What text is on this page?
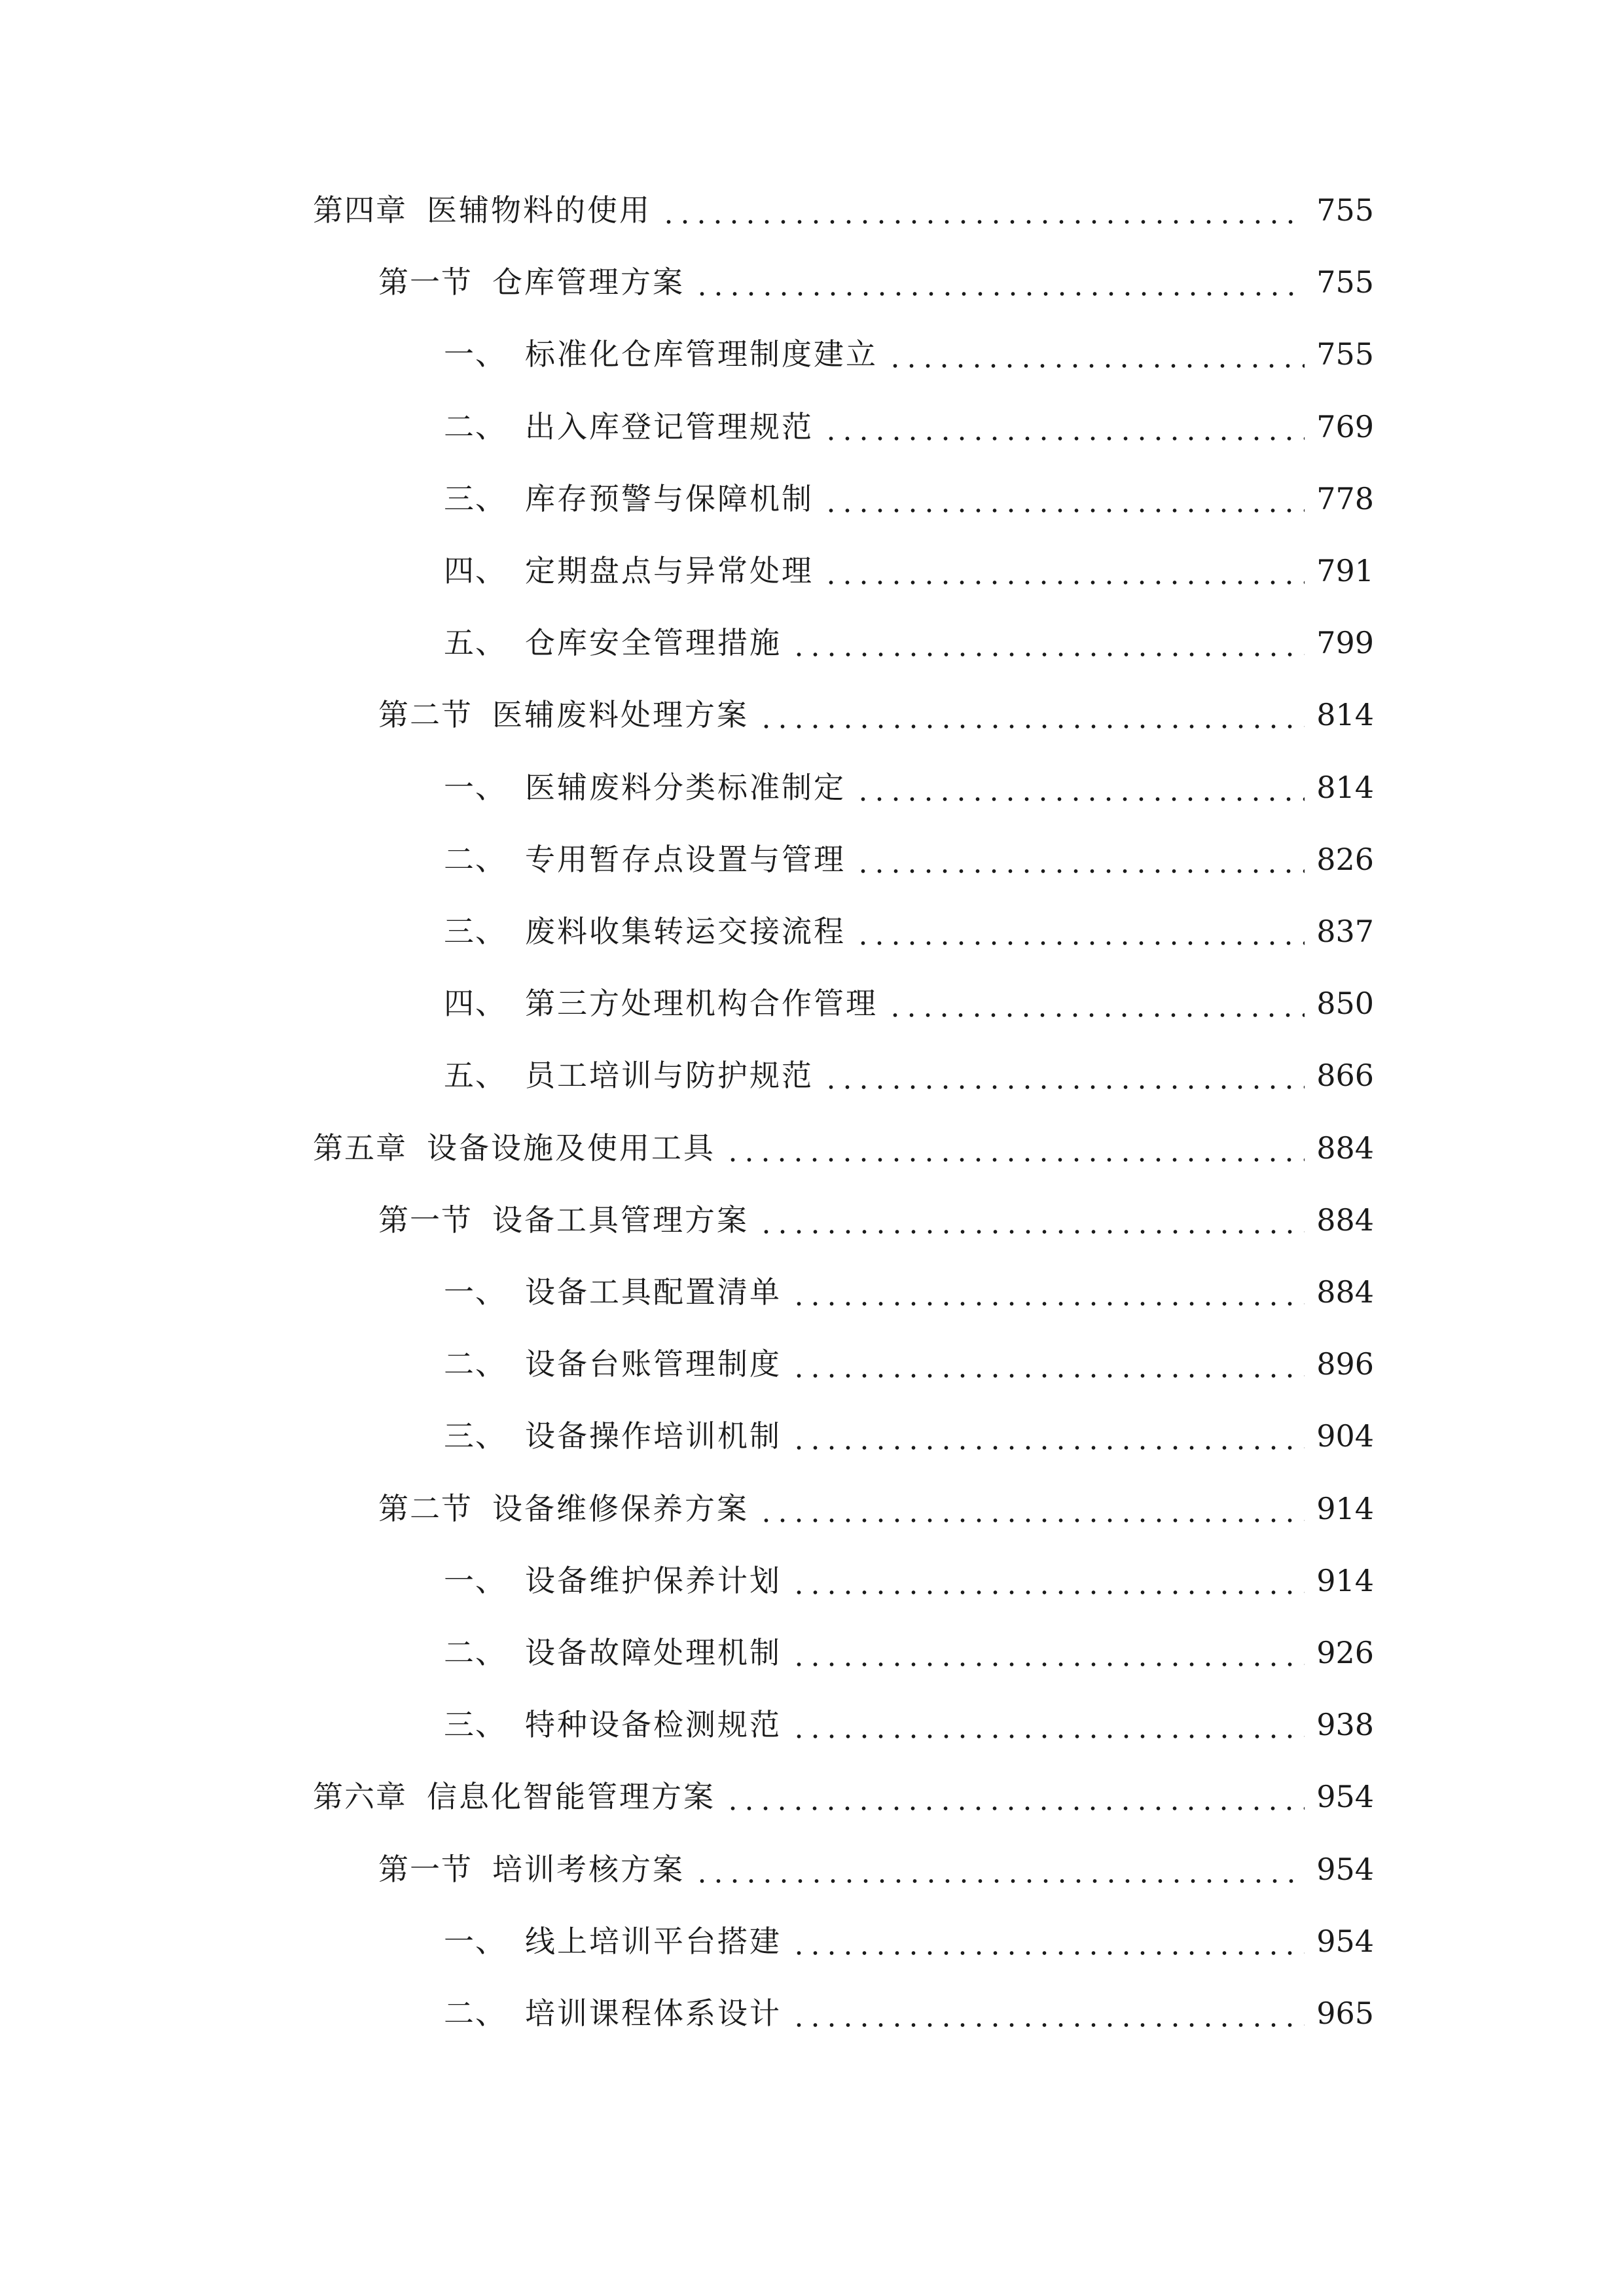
第四章 医辅物料的使用	755
第一节 仓库管理方案	755
一、 标准化仓库管理制度建立	755
二、 出入库登记管理规范	769
三、 库存预警与保障机制	778
四、 定期盘点与异常处理	791
五、 仓库安全管理措施	799
第二节 医辅废料处理方案	814
一、 医辅废料分类标准制定	814
二、 专用暂存点设置与管理	826
三、 废料收集转运交接流程	837
四、 第三方处理机构合作管理	850
五、 员工培训与防护规范	866
第五章 设备设施及使用工具	884
第一节 设备工具管理方案	884
一、 设备工具配置清单	884
二、 设备台账管理制度	896
三、 设备操作培训机制	904
第二节 设备维修保养方案	914
一、 设备维护保养计划	914
二、 设备故障处理机制	926
三、 特种设备检测规范	938
第六章 信息化智能管理方案	954
第一节 培训考核方案	954
一、 线上培训平台搭建	954
二、 培训课程体系设计	965
